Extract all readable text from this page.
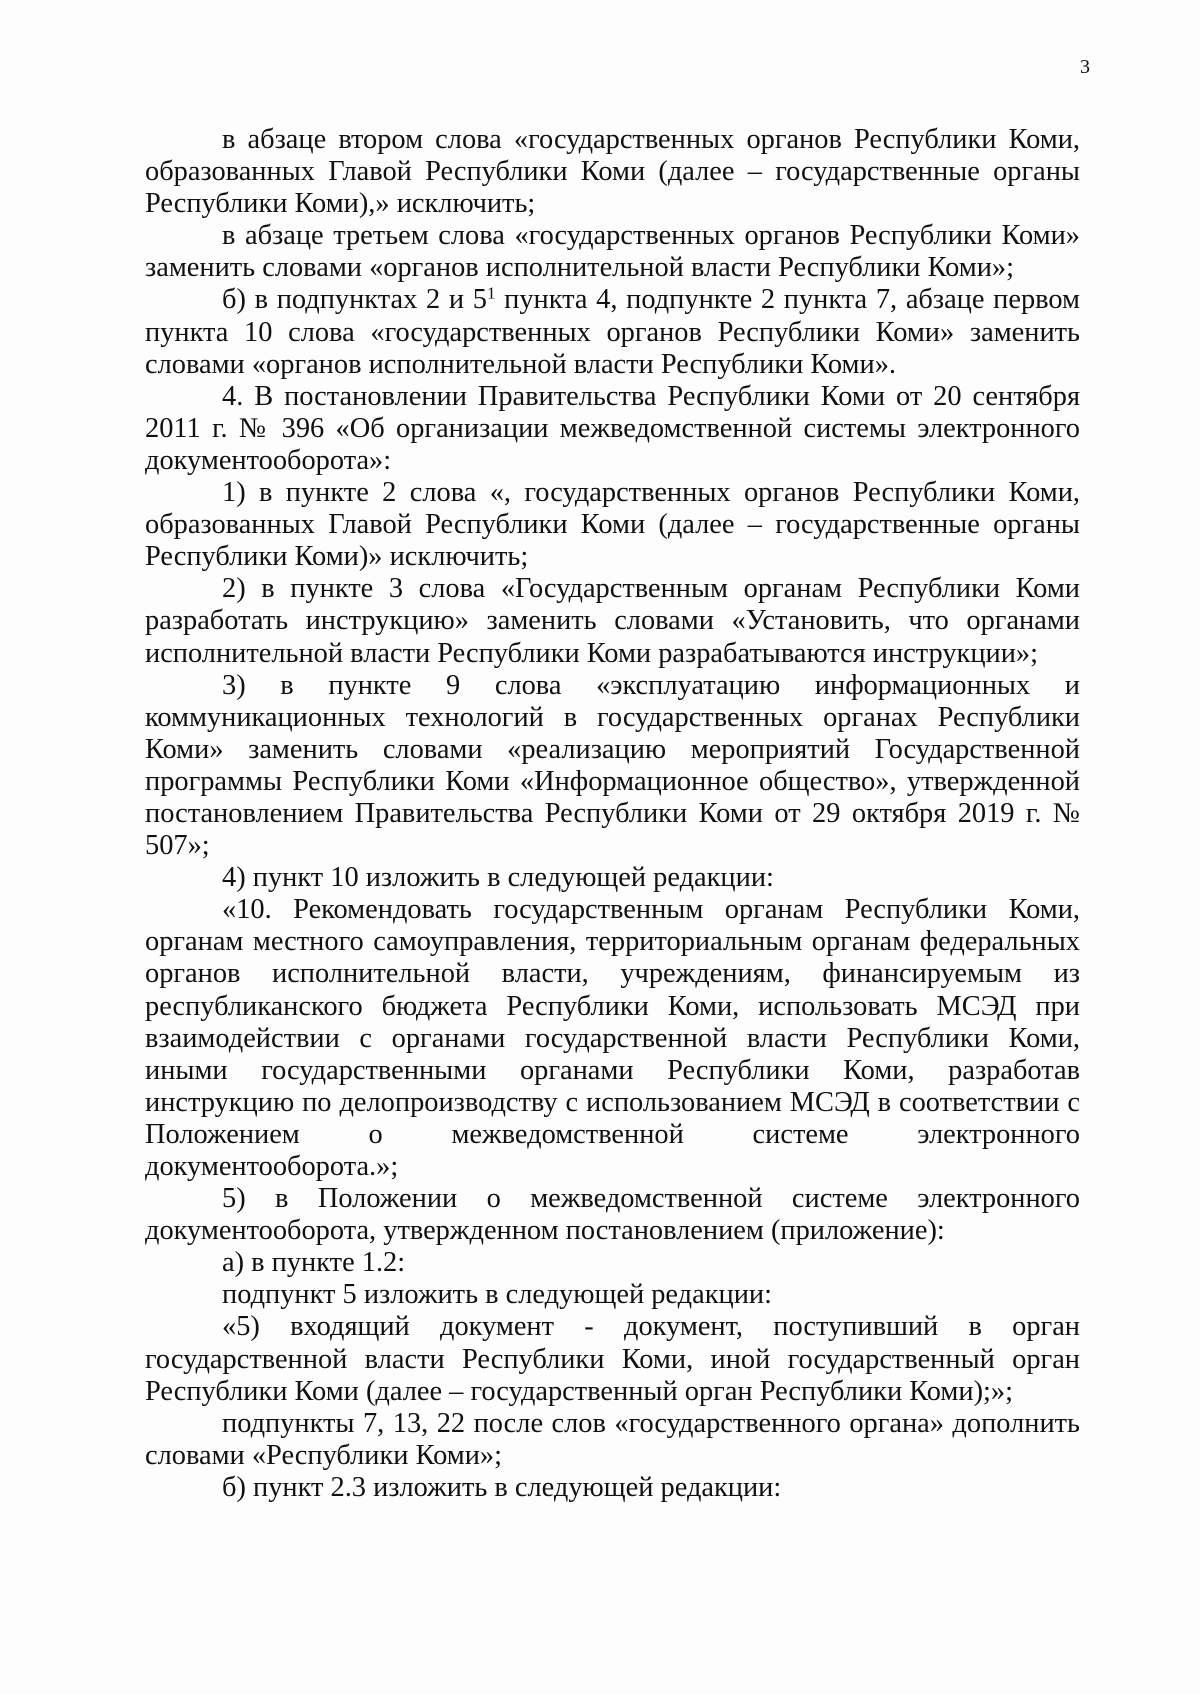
3

в абзаце втором слова «государственных органов Республики Коми, образованных Главой Республики Коми (далее – государственные органы Республики Коми),» исключить;

в абзаце третьем слова «государственных органов Республики Коми» заменить словами «органов исполнительной власти Республики Коми»;

б) в подпунктах 2 и $5^1$ пункта 4, подпункте 2 пункта 7, абзаце первом пункта 10 слова «государственных органов Республики Коми» заменить словами «органов исполнительной власти Республики Коми».

4. В постановлении Правительства Республики Коми от 20 сентября 2011 г. № 396 «Об организации межведомственной системы электронного документооборота»:

1) в пункте 2 слова «, государственных органов Республики Коми, образованных Главой Республики Коми (далее – государственные органы Республики Коми)» исключить;

2) в пункте 3 слова «Государственным органам Республики Коми разработать инструкцию» заменить словами «Установить, что органами исполнительной власти Республики Коми разрабатываются инструкции»;

3) в пункте 9 слова «эксплуатацию информационных и коммуникационных технологий в государственных органах Республики Коми» заменить словами «реализацию мероприятий Государственной программы Республики Коми «Информационное общество», утвержденной постановлением Правительства Республики Коми от 29 октября 2019 г. № 507»;

4) пункт 10 изложить в следующей редакции:

«10. Рекомендовать государственным органам Республики Коми, органам местного самоуправления, территориальным органам федеральных органов исполнительной власти, учреждениям, финансируемым из республиканского бюджета Республики Коми, использовать МСЭД при взаимодействии с органами государственной власти Республики Коми, иными государственными органами Республики Коми, разработав инструкцию по делопроизводству с использованием МСЭД в соответствии с Положением о межведомственной системе электронного документооборота.»;

5) в Положении о межведомственной системе электронного документооборота, утвержденном постановлением (приложение):

а) в пункте 1.2:

подпункт 5 изложить в следующей редакции:

«5) входящий документ - документ, поступивший в орган государственной власти Республики Коми, иной государственный орган Республики Коми (далее – государственный орган Республики Коми);»;

подпункты 7, 13, 22 после слов «государственного органа» дополнить словами «Республики Коми»;

б) пункт 2.3 изложить в следующей редакции:
